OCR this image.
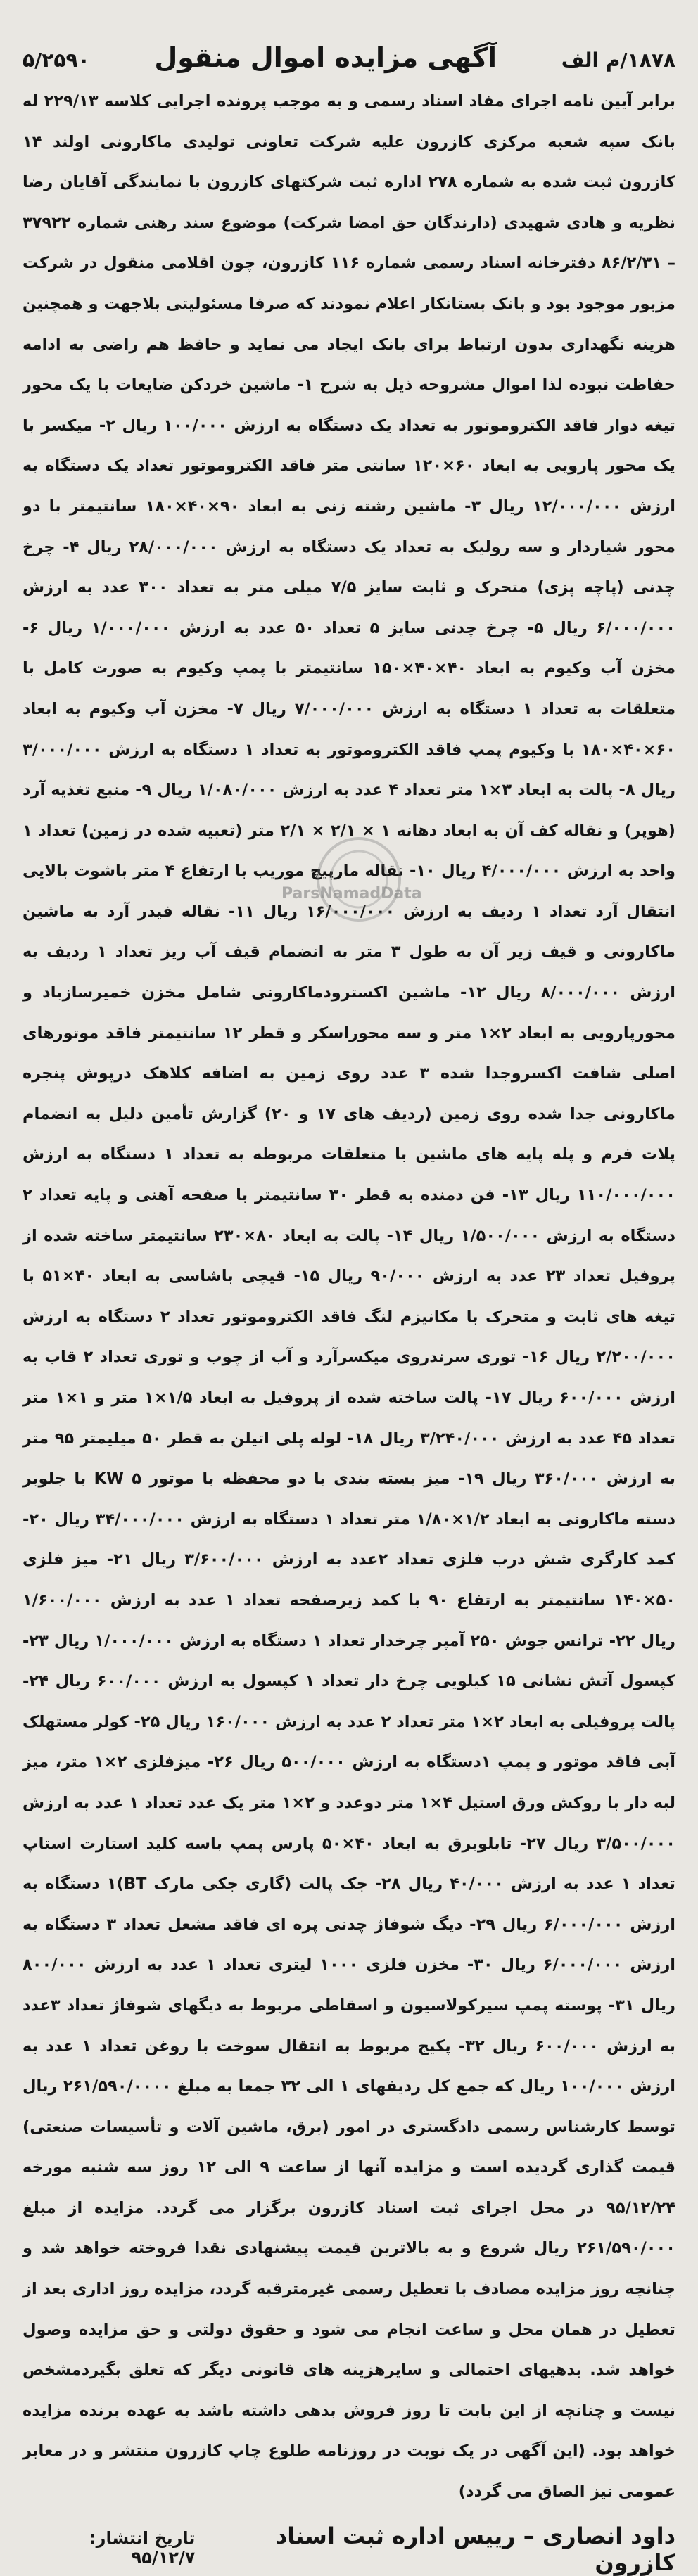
۱۸۷۸/م الف
آگهی مزایده اموال منقول
۵/۲۵۹۰

برابر آیین نامه اجرای مفاد اسناد رسمی و به موجب پرونده اجرایی کلاسه ۲۲۹/۱۳ له بانک سپه شعبه مرکزی کازرون علیه شرکت تعاونی تولیدی ماکارونی اولند ۱۴ کازرون ثبت شده به شماره ۲۷۸ اداره ثبت شرکتهای کازرون با نمایندگی آقایان رضا نظریه و هادی شهیدی (دارندگان حق امضا شرکت) موضوع سند رهنی شماره ۳۷۹۲۲ – ۸۶/۲/۳۱ دفترخانه اسناد رسمی شماره ۱۱۶ کازرون، چون اقلامی منقول در شرکت مزبور موجود بود و بانک بستانکار اعلام نمودند که صرفا مسئولیتی بلاجهت و همچنین هزینه نگهداری بدون ارتباط برای بانک ایجاد می نماید و حافظ هم راضی به ادامه حفاظت نبوده لذا اموال مشروحه ذیل به شرح ۱- ماشین خردکن ضایعات با یک محور تیغه دوار فاقد الکتروموتور به تعداد یک دستگاه به ارزش ۱۰۰/۰۰۰ ریال ۲- میکسر با یک محور پارویی به ابعاد ۶۰×۱۲۰ سانتی متر فاقد الکتروموتور تعداد یک دستگاه به ارزش ۱۲/۰۰۰/۰۰۰ ریال ۳- ماشین رشته زنی به ابعاد ۹۰×۴۰×۱۸۰ سانتیمتر با دو محور شیاردار و سه رولیک به تعداد یک دستگاه به ارزش ۲۸/۰۰۰/۰۰۰ ریال ۴- چرخ چدنی (پاچه پزی) متحرک و ثابت سایز ۷/۵ میلی متر به تعداد ۳۰۰ عدد به ارزش ۶/۰۰۰/۰۰۰ ریال ۵- چرخ چدنی سایز ۵ تعداد ۵۰ عدد به ارزش ۱/۰۰۰/۰۰۰ ریال ۶- مخزن آب وکیوم به ابعاد ۴۰×۴۰×۱۵۰ سانتیمتر با پمپ وکیوم به صورت کامل با متعلقات به تعداد ۱ دستگاه به ارزش ۷/۰۰۰/۰۰۰ ریال ۷- مخزن آب وکیوم به ابعاد ۶۰×۴۰×۱۸۰ با وکیوم پمپ فاقد الکتروموتور به تعداد ۱ دستگاه به ارزش ۳/۰۰۰/۰۰۰ ریال ۸- پالت به ابعاد ۳×۱ متر تعداد ۴ عدد به ارزش ۱/۰۸۰/۰۰۰ ریال ۹- منبع تغذیه آرد (هوپر) و نقاله کف آن به ابعاد دهانه ۱ × ۲/۱ × ۲/۱ متر (تعبیه شده در زمین) تعداد ۱ واحد به ارزش ۴/۰۰۰/۰۰۰ ریال ۱۰- نقاله مارپیچ موریب با ارتفاع ۴ متر باشوت بالایی انتقال آرد تعداد ۱ ردیف به ارزش ۱۶/۰۰۰/۰۰۰ ریال ۱۱- نقاله فیدر آرد به ماشین ماکارونی و قیف زیر آن به طول ۳ متر به انضمام قیف آب ریز تعداد ۱ ردیف به ارزش ۸/۰۰۰/۰۰۰ ریال ۱۲- ماشین اکسترودماکارونی شامل مخزن خمیرسازباد و محورپارویی به ابعاد ۲×۱ متر و سه محوراسکر و قطر ۱۲ سانتیمتر فاقد موتورهای اصلی شافت اکسروجدا شده ۳ عدد روی زمین به اضافه کلاهک درپوش پنجره ماکارونی جدا شده روی زمین (ردیف های ۱۷ و ۲۰) گزارش تأمین دلیل به انضمام پلات فرم و پله پایه های ماشین با متعلقات مربوطه به تعداد ۱ دستگاه به ارزش ۱۱۰/۰۰۰/۰۰۰ ریال ۱۳- فن دمنده به قطر ۳۰ سانتیمتر با صفحه آهنی و پایه تعداد ۲ دستگاه به ارزش ۱/۵۰۰/۰۰۰ ریال ۱۴- پالت به ابعاد ۸۰×۲۳۰ سانتیمتر ساخته شده از پروفیل تعداد ۲۳ عدد به ارزش ۹۰/۰۰۰ ریال ۱۵- قیچی باشاسی به ابعاد ۴۰×۵۱ با تیغه های ثابت و متحرک با مکانیزم لنگ فاقد الکتروموتور تعداد ۲ دستگاه به ارزش ۲/۲۰۰/۰۰۰ ریال ۱۶- توری سرندروی میکسرآرد و آب از چوب و توری تعداد ۲ قاب به ارزش ۶۰۰/۰۰۰ ریال ۱۷- پالت ساخته شده از پروفیل به ابعاد ۱/۵×۱ متر و ۱×۱ متر تعداد ۴۵ عدد به ارزش ۳/۲۴۰/۰۰۰ ریال ۱۸- لوله پلی اتیلن به قطر ۵۰ میلیمتر ۹۵ متر به ارزش ۳۶۰/۰۰۰ ریال ۱۹- میز بسته بندی با دو محفظه با موتور KW ۵ با جلوبر دسته ماکارونی به ابعاد ۱/۲×۱/۸۰ متر تعداد ۱ دستگاه به ارزش ۳۴/۰۰۰/۰۰۰ ریال ۲۰- کمد کارگری شش درب فلزی تعداد ۲عدد به ارزش ۳/۶۰۰/۰۰۰ ریال ۲۱- میز فلزی ۵۰×۱۴۰ سانتیمتر به ارتفاع ۹۰ با کمد زیرصفحه تعداد ۱ عدد به ارزش ۱/۶۰۰/۰۰۰ ریال ۲۲- ترانس جوش ۲۵۰ آمپر چرخدار تعداد ۱ دستگاه به ارزش ۱/۰۰۰/۰۰۰ ریال ۲۳- کپسول آتش نشانی ۱۵ کیلویی چرخ دار تعداد ۱ کپسول به ارزش ۶۰۰/۰۰۰ ریال ۲۴- پالت پروفیلی به ابعاد ۲×۱ متر تعداد ۲ عدد به ارزش ۱۶۰/۰۰۰ ریال ۲۵- کولر مستهلک آبی فاقد موتور و پمپ ۱دستگاه به ارزش ۵۰۰/۰۰۰ ریال ۲۶- میزفلزی ۲×۱ متر، میز لبه دار با روکش ورق استیل ۴×۱ متر دوعدد و ۲×۱ متر یک عدد تعداد ۱ عدد به ارزش ۳/۵۰۰/۰۰۰ ریال ۲۷- تابلوبرق به ابعاد ۴۰×۵۰ پارس پمپ باسه کلید استارت استاپ تعداد ۱ عدد به ارزش ۴۰/۰۰۰ ریال ۲۸- جک پالت (گاری جکی مارک BT)۱ دستگاه به ارزش ۶/۰۰۰/۰۰۰ ریال ۲۹- دیگ شوفاژ چدنی پره ای فاقد مشعل تعداد ۳ دستگاه به ارزش ۶/۰۰۰/۰۰۰ ریال ۳۰- مخزن فلزی ۱۰۰۰ لیتری تعداد ۱ عدد به ارزش ۸۰۰/۰۰۰ ریال ۳۱- پوسته پمپ سیرکولاسیون و اسقاطی مربوط به دیگهای شوفاژ تعداد ۳عدد به ارزش ۶۰۰/۰۰۰ ریال ۳۲- پکیج مربوط به انتقال سوخت با روغن تعداد ۱ عدد به ارزش ۱۰۰/۰۰۰ ریال که جمع کل ردیفهای ۱ الی ۳۲ جمعا به مبلغ ۲۶۱/۵۹۰/۰۰۰۰ ریال توسط کارشناس رسمی دادگستری در امور (برق، ماشین آلات و تأسیسات صنعتی) قیمت گذاری گردیده است و مزایده آنها از ساعت ۹ الی ۱۲ روز سه شنبه مورخه ۹۵/۱۲/۲۴ در محل اجرای ثبت اسناد کازرون برگزار می گردد. مزایده از مبلغ ۲۶۱/۵۹۰/۰۰۰ ریال شروع و به بالاترین قیمت پیشنهادی نقدا فروخته خواهد شد و چنانچه روز مزایده مصادف با تعطیل رسمی غیرمترقبه گردد، مزایده روز اداری بعد از تعطیل در همان محل و ساعت انجام می شود و حقوق دولتی و حق مزایده وصول خواهد شد. بدهیهای احتمالی و سایرهزینه های قانونی دیگر که تعلق بگیردمشخص نیست و چنانچه از این بابت تا روز فروش بدهی داشته باشد به عهده برنده مزایده خواهد بود. (این آگهی در یک نوبت در روزنامه طلوع چاپ کازرون منتشر و در معابر عمومی نیز الصاق می گردد)

داود انصاری – رییس اداره ثبت اسناد کازرون
تاریخ انتشار: ۹۵/۱۲/۷
ParsNamadData
